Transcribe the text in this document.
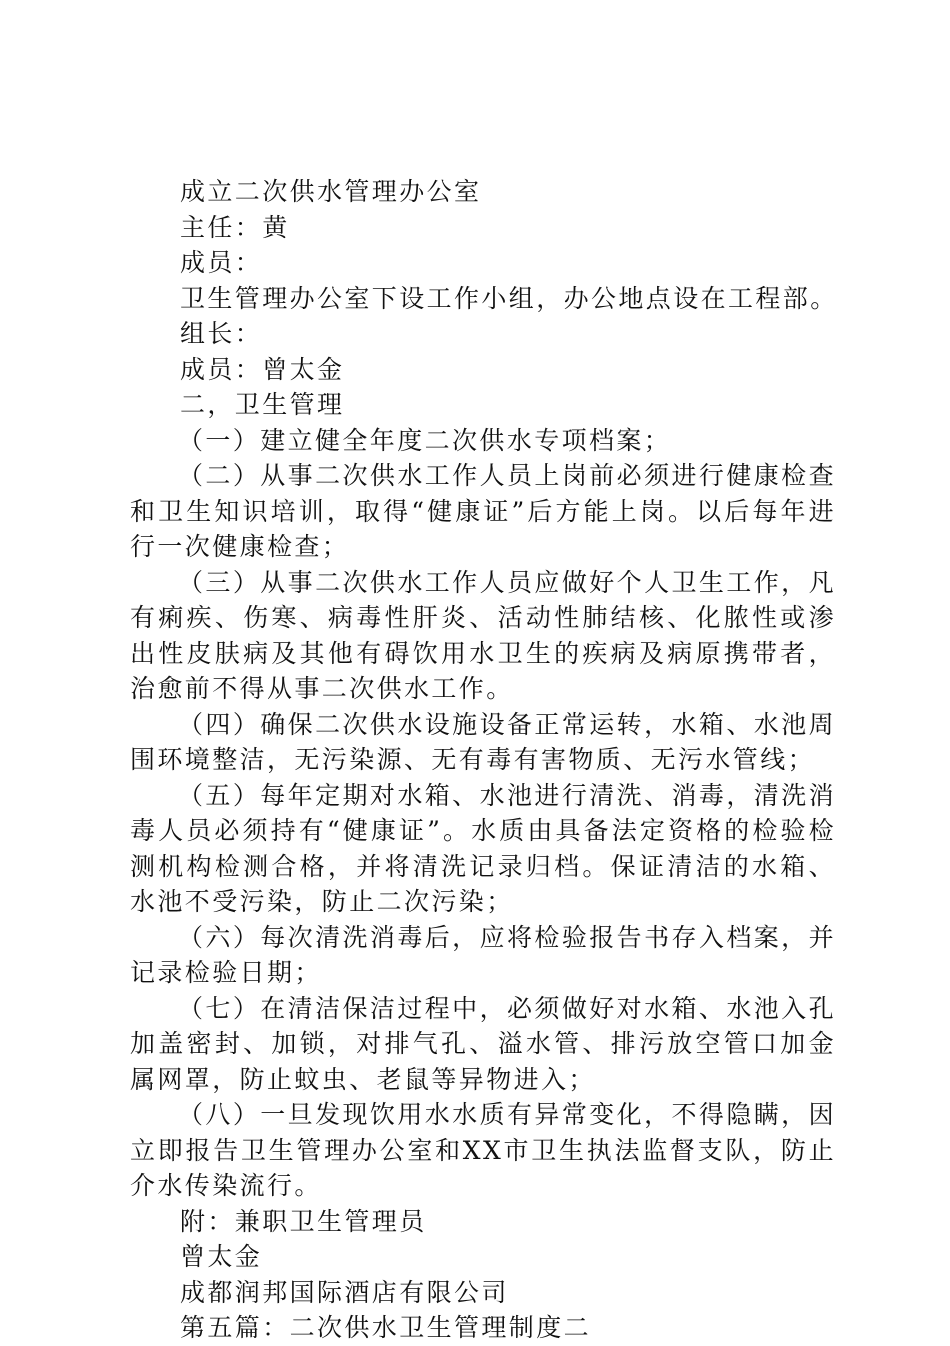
成立二次供水管理办公室
主任：黄
成员：
卫生管理办公室下设工作小组，办公地点设在工程部。
组长：
成员：曾太金
二，卫生管理

（一）建立健全年度二次供水专项档案；

（二）从事二次供水工作人员上岗前必须进行健康检查和卫生知识培训，取得“健康证”后方能上岗。以后每年进行一次健康检查；

（三）从事二次供水工作人员应做好个人卫生工作，凡有痢疾、伤寒、病毒性肝炎、活动性肺结核、化脓性或渗出性皮肤病及其他有碍饮用水卫生的疾病及病原携带者，治愈前不得从事二次供水工作。

（四）确保二次供水设施设备正常运转，水箱、水池周围环境整洁，无污染源、无有毒有害物质、无污水管线；

（五）每年定期对水箱、水池进行清洗、消毒，清洗消毒人员必须持有“健康证”。水质由具备法定资格的检验检测机构检测合格，并将清洗记录归档。保证清洁的水箱、水池不受污染，防止二次污染；

（六）每次清洗消毒后，应将检验报告书存入档案，并记录检验日期；

（七）在清洁保洁过程中，必须做好对水箱、水池入孔加盖密封、加锁，对排气孔、溢水管、排污放空管口加金属网罩，防止蚊虫、老鼠等异物进入；

（八）一旦发现饮用水水质有异常变化，不得隐瞒，因立即报告卫生管理办公室和XX市卫生执法监督支队，防止介水传染流行。

附：兼职卫生管理员
曾太金
成都润邦国际酒店有限公司
第五篇：二次供水卫生管理制度二
